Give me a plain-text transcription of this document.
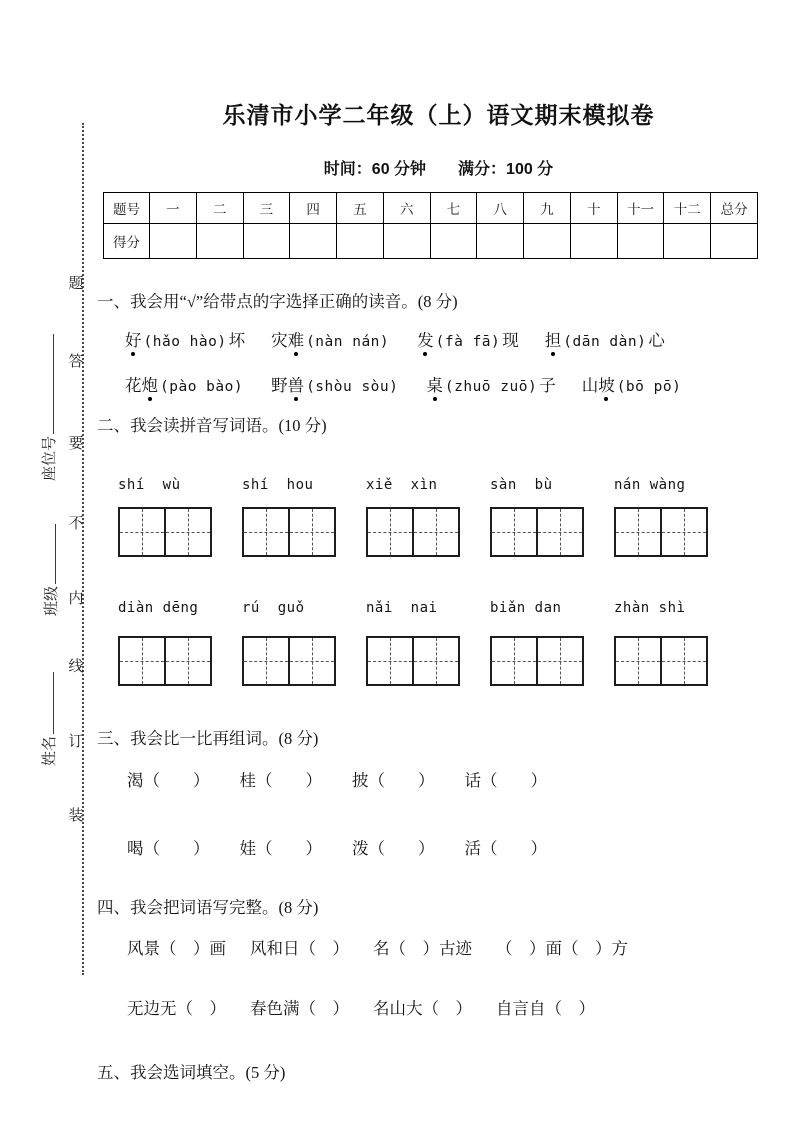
题
答
要
不
内
线
订
装
座位号
班级
姓名
乐清市小学二年级（上）语文期末模拟卷
时间：60 分钟　　满分：100 分
题号	一	二	三	四	五	六	七	八	九	十	十一	十二	总分
得分													
一、我会用“√”给带点的字选择正确的读音。(8 分)
好 (hǎo hào) 坏 灾难 (nàn nán) 发 (fà fā) 现 担 (dān dàn) 心
花炮 (pào bào) 野兽 (shòu sòu) 桌 (zhuō zuō) 子 山坡 (bō pō)
二、我会读拼音写词语。(10 分)
shí  wù	shí  hou	xiě  xìn	sàn  bù	nán wàng
diàn dēng	rú  guǒ	nǎi  nai	biǎn dan	zhàn shì
三、我会比一比再组词。(8 分)
渴（　　） 桂（　　） 披（　　） 话（　　）
喝（　　） 娃（　　） 泼（　　） 活（　　）
四、我会把词语写完整。(8 分)
风景（　）画 风和日（　） 名（　）古迹 （　）面（　）方
无边无（　） 春色满（　） 名山大（　） 自言自（　）
五、我会选词填空。(5 分)
